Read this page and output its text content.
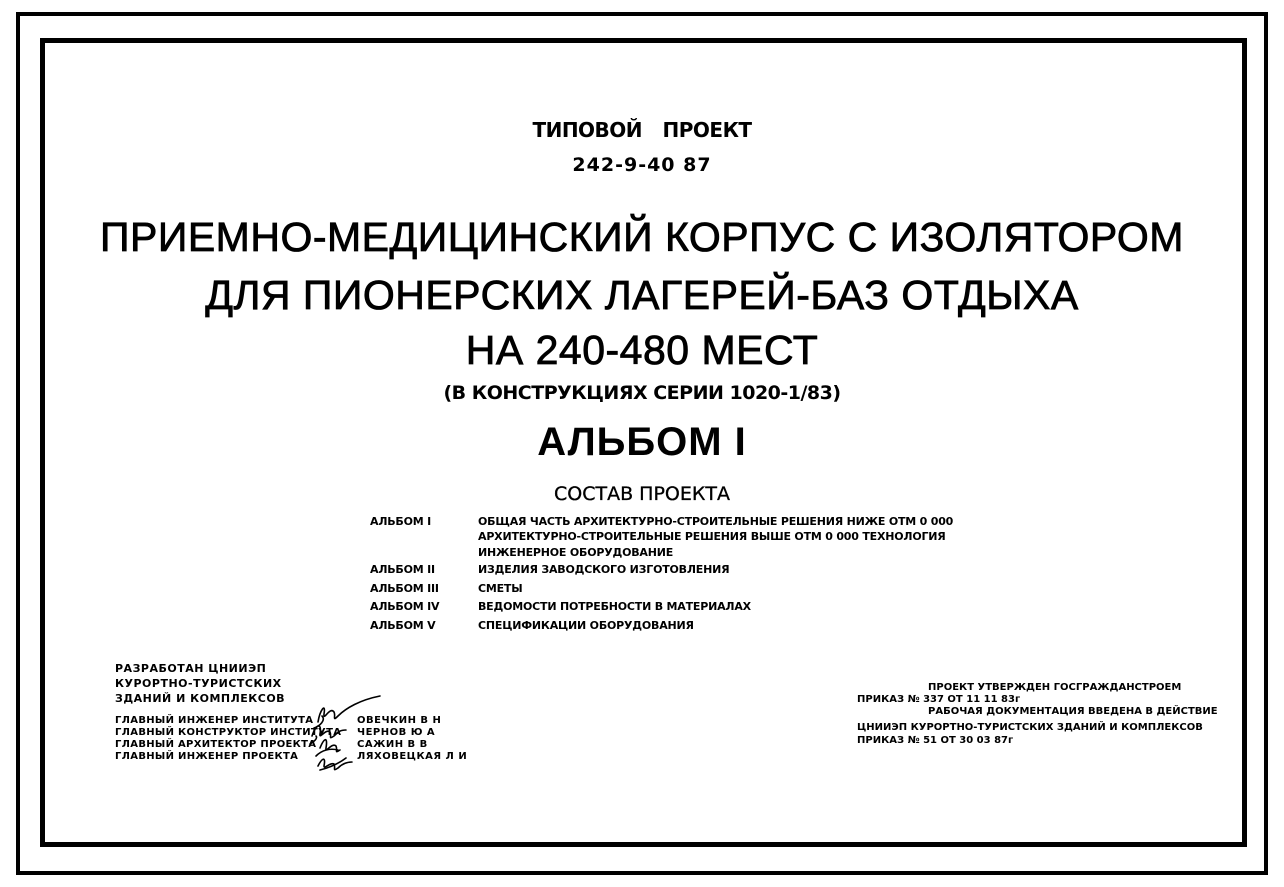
ТИПОВОЙ ПРОЕКТ
242-9-40 87
ПРИЕМНО-МЕДИЦИНСКИЙ КОРПУС С ИЗОЛЯТОРОМ
ДЛЯ ПИОНЕРСКИХ ЛАГЕРЕЙ-БАЗ ОТДЫХА
НА 240-480 МЕСТ
(В КОНСТРУКЦИЯХ СЕРИИ 1020-1/83)
АЛЬБОМ I
СОСТАВ ПРОЕКТА
АЛЬБОМ I	ОБЩАЯ ЧАСТЬ АРХИТЕКТУРНО-СТРОИТЕЛЬНЫЕ РЕШЕНИЯ НИЖЕ ОТМ 0 000
АРХИТЕКТУРНО-СТРОИТЕЛЬНЫЕ РЕШЕНИЯ ВЫШЕ ОТМ 0 000 ТЕХНОЛОГИЯ
ИНЖЕНЕРНОЕ ОБОРУДОВАНИЕ
АЛЬБОМ II	ИЗДЕЛИЯ ЗАВОДСКОГО ИЗГОТОВЛЕНИЯ
АЛЬБОМ III	СМЕТЫ
АЛЬБОМ IV	ВЕДОМОСТИ ПОТРЕБНОСТИ В МАТЕРИАЛАХ
АЛЬБОМ V	СПЕЦИФИКАЦИИ ОБОРУДОВАНИЯ
РАЗРАБОТАН ЦНИИЭП
КУРОРТНО-ТУРИСТСКИХ
ЗДАНИЙ И КОМПЛЕКСОВ
ГЛАВНЫЙ ИНЖЕНЕР ИНСТИТУТА	ОВЕЧКИН В Н
ГЛАВНЫЙ КОНСТРУКТОР ИНСТИТУТА ЧЕРНОВ Ю А
ГЛАВНЫЙ АРХИТЕКТОР ПРОЕКТА	САЖИН В В
ГЛАВНЫЙ ИНЖЕНЕР ПРОЕКТА	ЛЯХОВЕЦКАЯ Л И
ПРОЕКТ УТВЕРЖДЕН ГОСГРАЖДАНСТРОЕМ
ПРИКАЗ № 337 ОТ 11 11 83г
РАБОЧАЯ ДОКУМЕНТАЦИЯ ВВЕДЕНА В ДЕЙСТВИЕ
ЦНИИЭП КУРОРТНО-ТУРИСТСКИХ ЗДАНИЙ И КОМПЛЕКСОВ
ПРИКАЗ № 51 ОТ 30 03 87г
